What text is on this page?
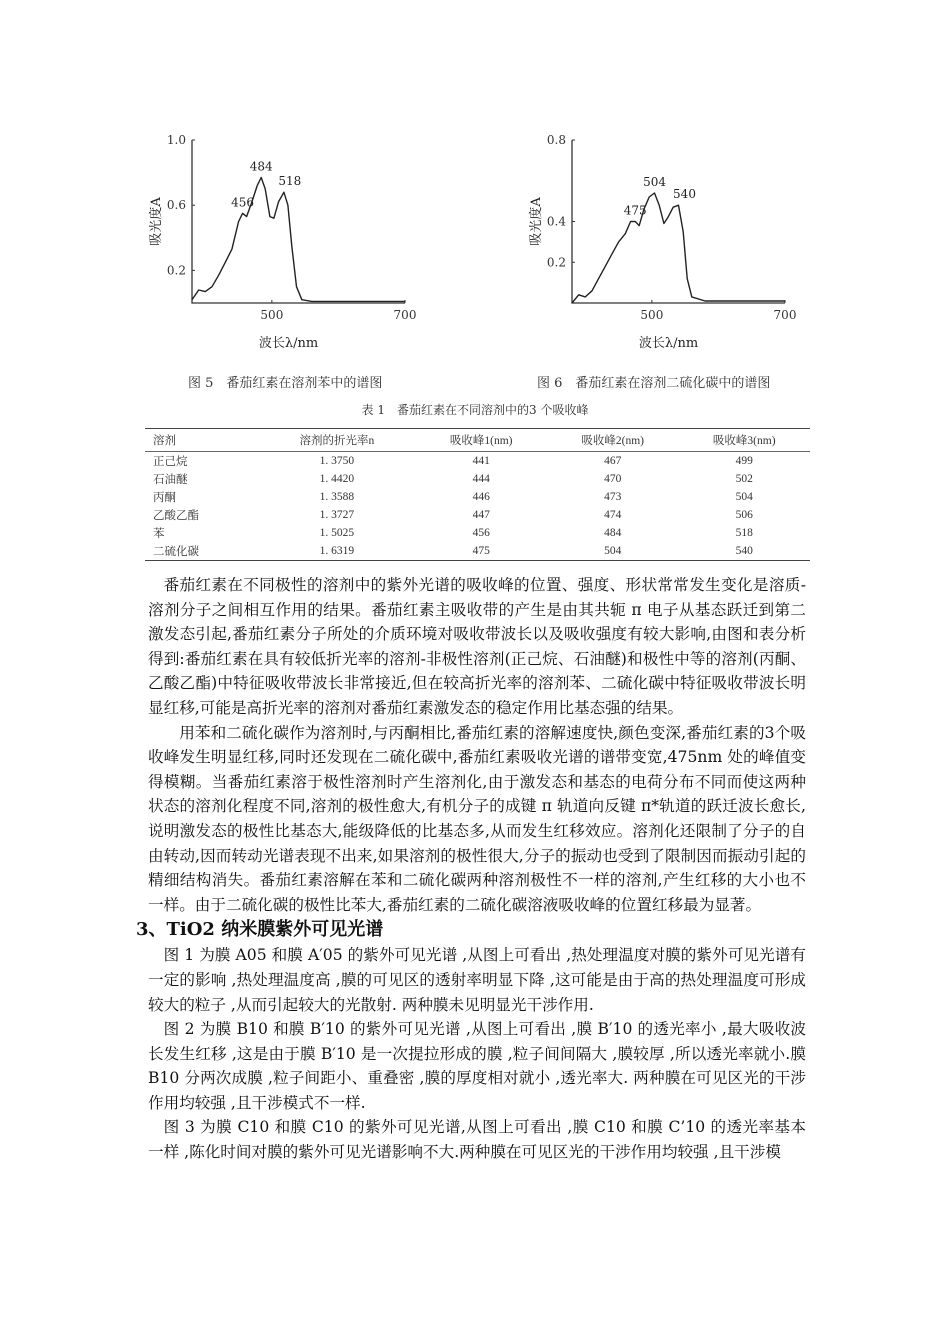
500	700
0.2
0.6
1.0
456
484
518
波长λ/nm
吸光度A
500	700
0.2
0.4
0.8
475
504
540
波长λ/nm
吸光度A
图 5　番茄红素在溶剂苯中的谱图	图 6　番茄红素在溶剂二硫化碳中的谱图
表 1　番茄红素在不同溶剂中的3 个吸收峰
溶剂	溶剂的折光率n	吸收峰1(nm)	吸收峰2(nm)	吸收峰3(nm)
正己烷	1. 3750	441	467	499
石油醚	1. 4420	444	470	502
丙酮	1. 3588	446	473	504
乙酸乙酯	1. 3727	447	474	506
苯	1. 5025	456	484	518
二硫化碳	1. 6319	475	504	540

番茄红素在不同极性的溶剂中的紫外光谱的吸收峰的位置、强度、形状常常发生变化是溶质-溶剂分子之间相互作用的结果。番茄红素主吸收带的产生是由其共轭 π 电子从基态跃迁到第二激发态引起,番茄红素分子所处的介质环境对吸收带波长以及吸收强度有较大影响,由图和表分析得到:番茄红素在具有较低折光率的溶剂-非极性溶剂(正己烷、石油醚)和极性中等的溶剂(丙酮、乙酸乙酯)中特征吸收带波长非常接近,但在较高折光率的溶剂苯、二硫化碳中特征吸收带波长明显红移,可能是高折光率的溶剂对番茄红素激发态的稳定作用比基态强的结果。

用苯和二硫化碳作为溶剂时,与丙酮相比,番茄红素的溶解速度快,颜色变深,番茄红素的3个吸收峰发生明显红移,同时还发现在二硫化碳中,番茄红素吸收光谱的谱带变宽,475nm 处的峰值变得模糊。当番茄红素溶于极性溶剂时产生溶剂化,由于激发态和基态的电荷分布不同而使这两种状态的溶剂化程度不同,溶剂的极性愈大,有机分子的成键 π 轨道向反键 π*轨道的跃迁波长愈长,说明激发态的极性比基态大,能级降低的比基态多,从而发生红移效应。溶剂化还限制了分子的自由转动,因而转动光谱表现不出来,如果溶剂的极性很大,分子的振动也受到了限制因而振动引起的精细结构消失。番茄红素溶解在苯和二硫化碳两种溶剂极性不一样的溶剂,产生红移的大小也不一样。由于二硫化碳的极性比苯大,番茄红素的二硫化碳溶液吸收峰的位置红移最为显著。

3、TiO2 纳米膜紫外可见光谱

图 1 为膜 A05 和膜 A′05 的紫外可见光谱 ,从图上可看出 ,热处理温度对膜的紫外可见光谱有一定的影响 ,热处理温度高 ,膜的可见区的透射率明显下降 ,这可能是由于高的热处理温度可形成较大的粒子 ,从而引起较大的光散射. 两种膜未见明显光干涉作用.

图 2 为膜 B10 和膜 B′10 的紫外可见光谱 ,从图上可看出 ,膜 B′10 的透光率小 ,最大吸收波长发生红移 ,这是由于膜 B′10 是一次提拉形成的膜 ,粒子间间隔大 ,膜较厚 ,所以透光率就小.膜 B10 分两次成膜 ,粒子间距小、重叠密 ,膜的厚度相对就小 ,透光率大. 两种膜在可见区光的干涉作用均较强 ,且干涉模式不一样.

图 3 为膜 C10 和膜 C10 的紫外可见光谱,从图上可看出 ,膜 C10 和膜 C’10 的透光率基本一样 ,陈化时间对膜的紫外可见光谱影响不大.两种膜在可见区光的干涉作用均较强 ,且干涉模
